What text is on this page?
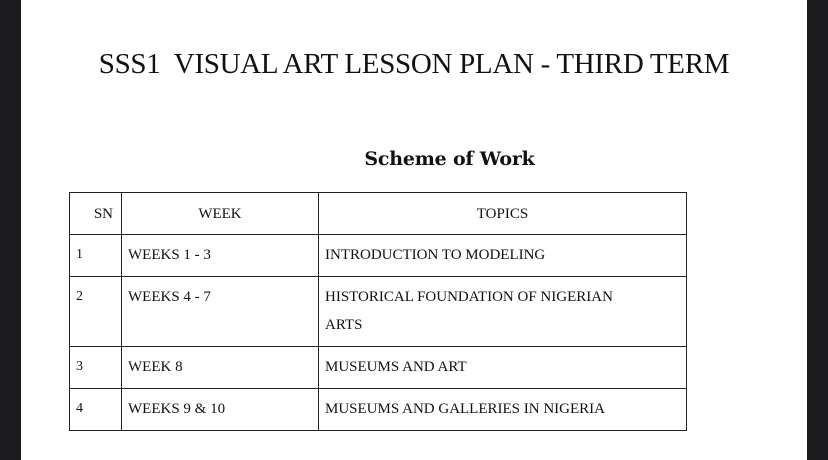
SSS1  VISUAL ART LESSON PLAN - THIRD TERM
Scheme of Work
SN	WEEK	TOPICS
1	WEEKS 1 - 3	INTRODUCTION TO MODELING
2	WEEKS 4 - 7	HISTORICAL FOUNDATION OF NIGERIAN ARTS
3	WEEK 8	MUSEUMS AND ART
4	WEEKS 9 & 10	MUSEUMS AND GALLERIES IN NIGERIA
